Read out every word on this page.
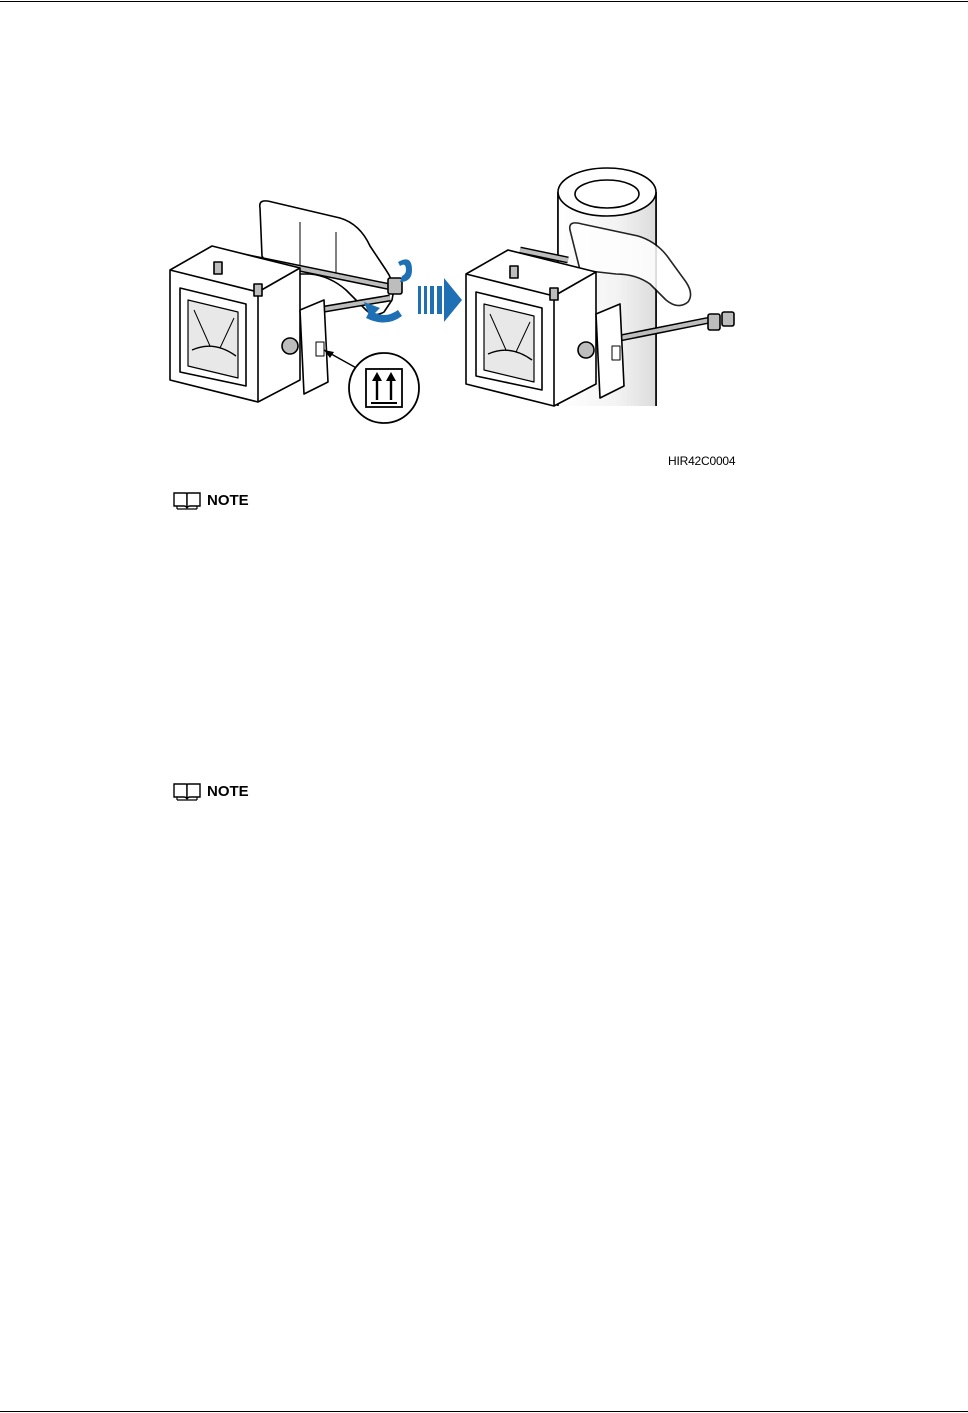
HIR42C0004
NOTE
NOTE
